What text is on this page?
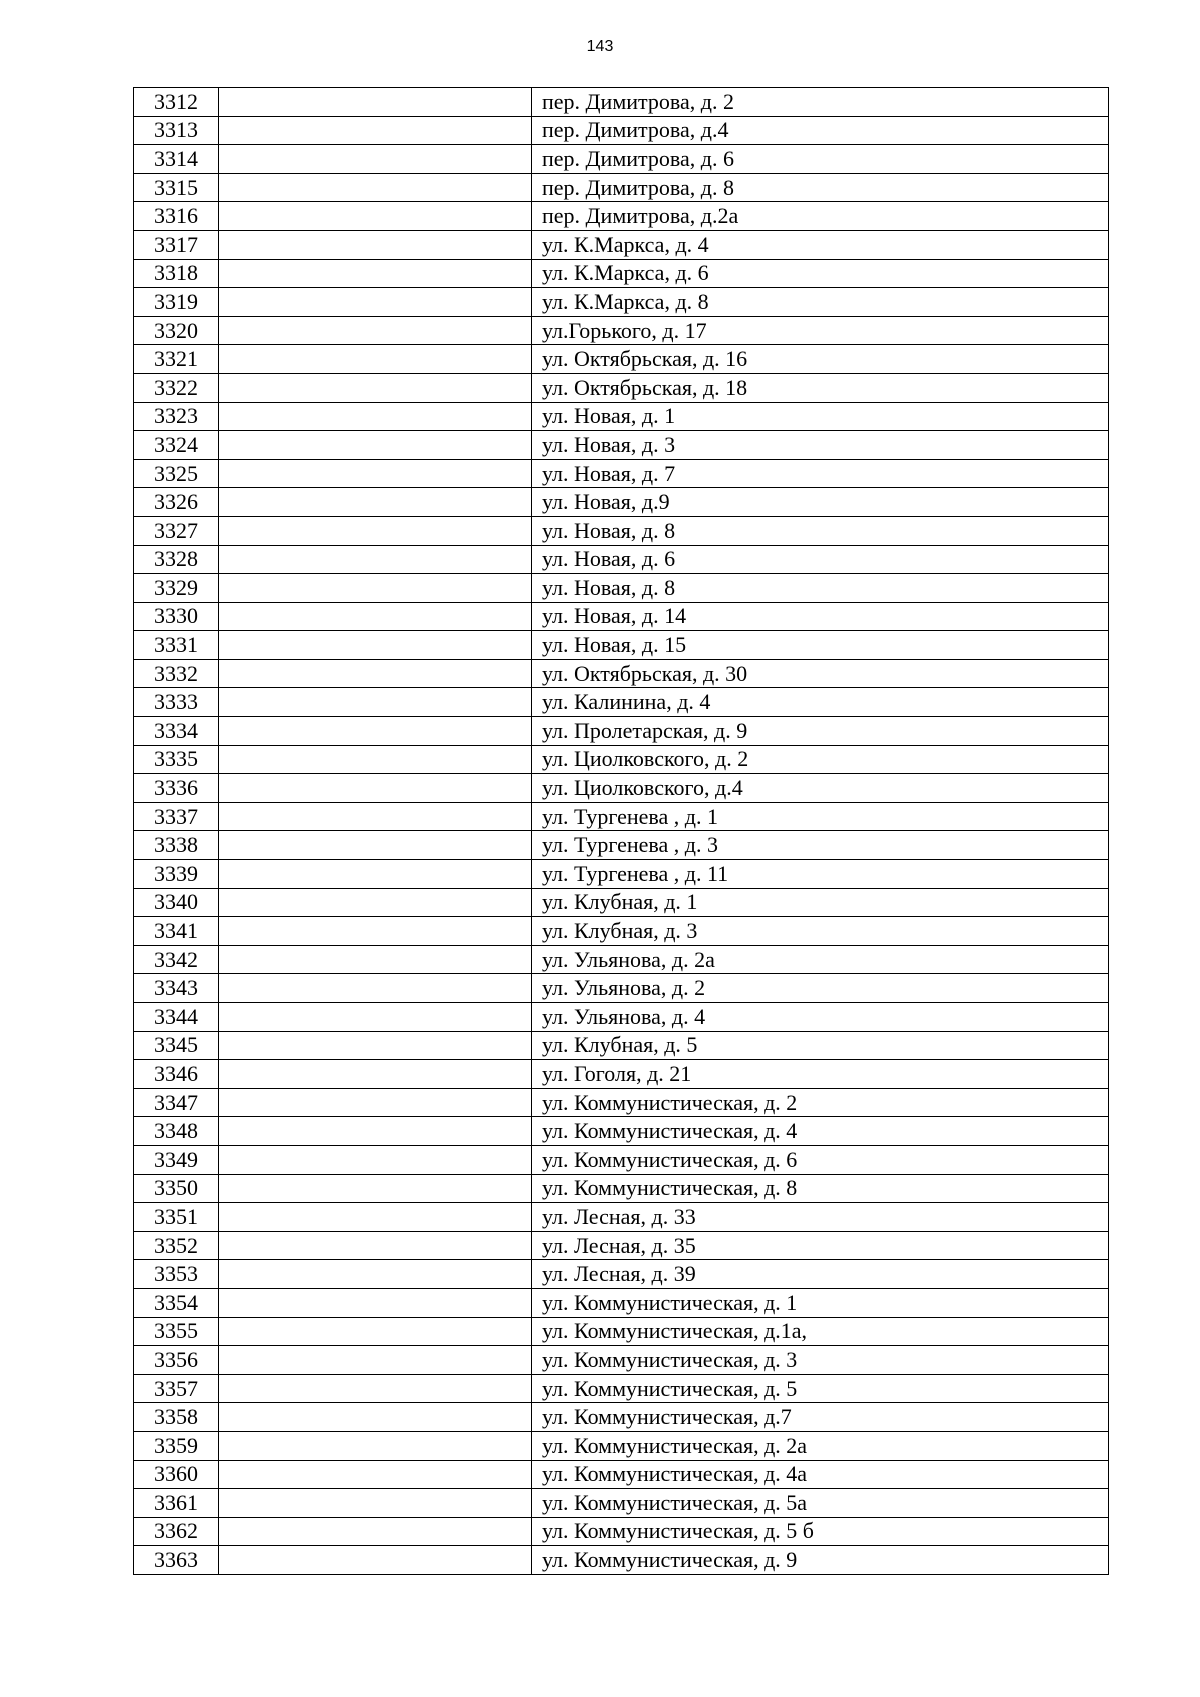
143
3312		пер. Димитрова, д. 2
3313		пер. Димитрова, д.4
3314		пер. Димитрова, д. 6
3315		пер. Димитрова, д. 8
3316		пер. Димитрова, д.2а
3317		ул. К.Маркса, д. 4
3318		ул. К.Маркса, д. 6
3319		ул. К.Маркса, д. 8
3320		ул.Горького, д. 17
3321		ул. Октябрьская, д. 16
3322		ул. Октябрьская, д. 18
3323		ул. Новая, д. 1
3324		ул. Новая, д. 3
3325		ул. Новая, д. 7
3326		ул. Новая, д.9
3327		ул. Новая, д. 8
3328		ул. Новая, д. 6
3329		ул. Новая, д. 8
3330		ул. Новая, д. 14
3331		ул. Новая, д. 15
3332		ул. Октябрьская, д. 30
3333		ул. Калинина, д. 4
3334		ул. Пролетарская, д. 9
3335		ул. Циолковского, д. 2
3336		ул. Циолковского, д.4
3337		ул. Тургенева , д. 1
3338		ул. Тургенева , д. 3
3339		ул. Тургенева , д. 11
3340		ул. Клубная, д. 1
3341		ул. Клубная, д. 3
3342		ул. Ульянова, д. 2а
3343		ул. Ульянова, д. 2
3344		ул. Ульянова, д. 4
3345		ул. Клубная, д. 5
3346		ул. Гоголя, д. 21
3347		ул. Коммунистическая, д. 2
3348		ул. Коммунистическая, д. 4
3349		ул. Коммунистическая, д. 6
3350		ул. Коммунистическая, д. 8
3351		ул. Лесная, д. 33
3352		ул. Лесная, д. 35
3353		ул. Лесная, д. 39
3354		ул. Коммунистическая, д. 1
3355		ул. Коммунистическая, д.1а,
3356		ул. Коммунистическая, д. 3
3357		ул. Коммунистическая, д. 5
3358		ул. Коммунистическая, д.7
3359		ул. Коммунистическая, д. 2а
3360		ул. Коммунистическая, д. 4а
3361		ул. Коммунистическая, д. 5а
3362		ул. Коммунистическая, д. 5 б
3363		ул. Коммунистическая, д. 9
